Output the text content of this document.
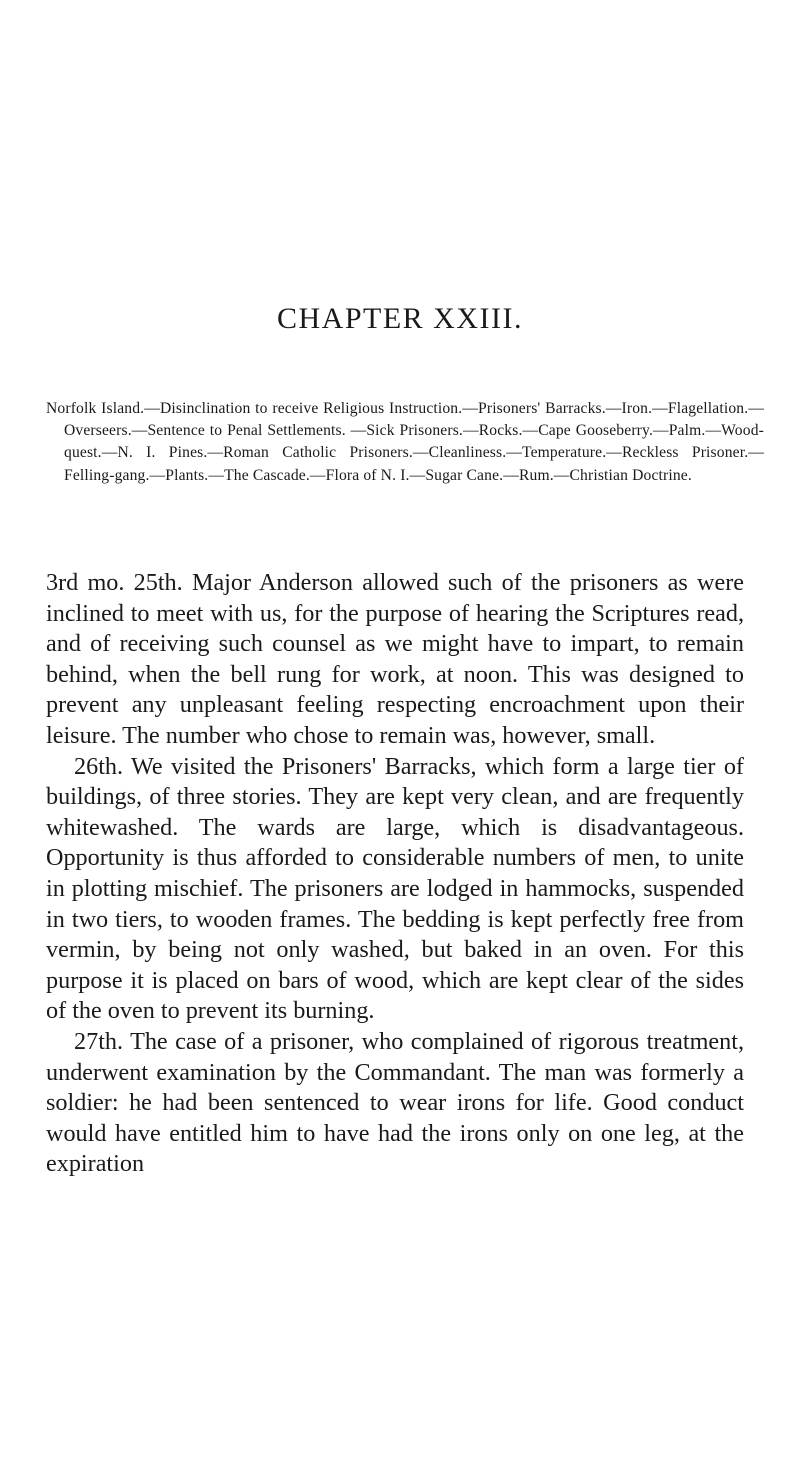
CHAPTER XXIII.

Norfolk Island.—Disinclination to receive Religious Instruction.—Prisoners' Barracks.—Iron.—Flagellation.—Overseers.—Sentence to Penal Settlements. —Sick Prisoners.—Rocks.—Cape Gooseberry.—Palm.—Wood-quest.—N. I. Pines.—Roman Catholic Prisoners.—Cleanliness.—Temperature.—Reckless Prisoner.—Felling-gang.—Plants.—The Cascade.—Flora of N. I.—Sugar Cane.—Rum.—Christian Doctrine.

3rd mo. 25th. Major Anderson allowed such of the prisoners as were inclined to meet with us, for the purpose of hearing the Scriptures read, and of receiving such counsel as we might have to impart, to remain behind, when the bell rung for work, at noon. This was designed to prevent any unpleasant feeling respecting encroachment upon their leisure. The number who chose to remain was, however, small.

26th. We visited the Prisoners' Barracks, which form a large tier of buildings, of three stories. They are kept very clean, and are frequently whitewashed. The wards are large, which is disadvantageous. Opportunity is thus afforded to considerable numbers of men, to unite in plotting mischief. The prisoners are lodged in hammocks, suspended in two tiers, to wooden frames. The bedding is kept perfectly free from vermin, by being not only washed, but baked in an oven. For this purpose it is placed on bars of wood, which are kept clear of the sides of the oven to prevent its burning.

27th. The case of a prisoner, who complained of rigorous treatment, underwent examination by the Commandant. The man was formerly a soldier: he had been sentenced to wear irons for life. Good conduct would have entitled him to have had the irons only on one leg, at the expiration
